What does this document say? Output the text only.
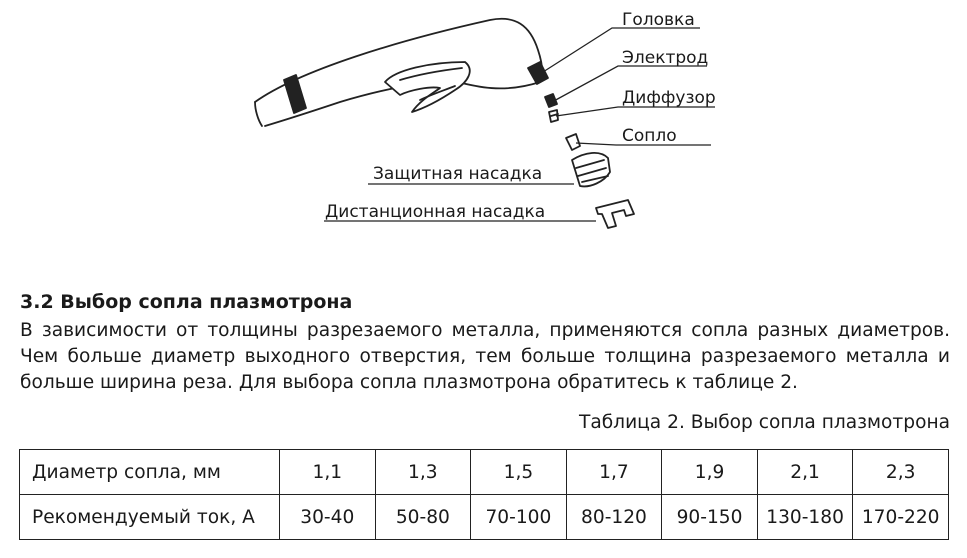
Головка
Электрод
Диффузор
Сопло
Защитная насадка
Дистанционная насадка
3.2 Выбор сопла плазмотрона

В зависимости от толщины разрезаемого металла, применяются сопла разных диаметров. Чем больше диаметр выходного отверстия, тем больше толщина разрезаемого металла и больше ширина реза. Для выбора сопла плазмотрона обратитесь к таблице 2.

Таблица 2. Выбор сопла плазмотрона

Диаметр сопла, мм	1,1	1,3	1,5	1,7	1,9	2,1	2,3
Рекомендуемый ток, А	30-40	50-80	70-100	80-120	90-150	130-180	170-220
